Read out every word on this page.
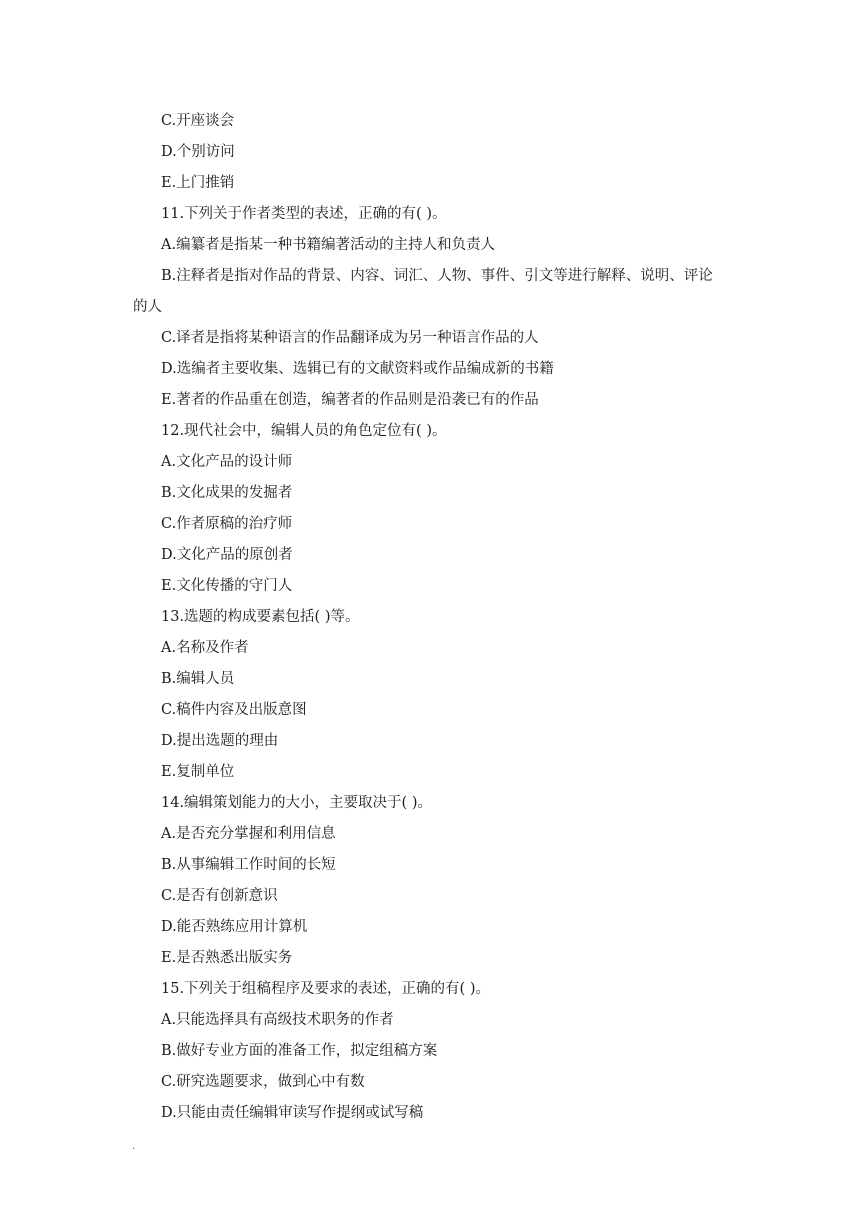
C.开座谈会
D.个别访问
E.上门推销
11.下列关于作者类型的表述，正确的有( )。
A.编纂者是指某一种书籍编著活动的主持人和负责人
B.注释者是指对作品的背景、内容、词汇、人物、事件、引文等进行解释、说明、评论
的人
C.译者是指将某种语言的作品翻译成为另一种语言作品的人
D.选编者主要收集、选辑已有的文献资料或作品编成新的书籍
E.著者的作品重在创造，编著者的作品则是沿袭已有的作品
12.现代社会中，编辑人员的角色定位有( )。
A.文化产品的设计师
B.文化成果的发掘者
C.作者原稿的治疗师
D.文化产品的原创者
E.文化传播的守门人
13.选题的构成要素包括( )等。
A.名称及作者
B.编辑人员
C.稿件内容及出版意图
D.提出选题的理由
E.复制单位
14.编辑策划能力的大小，主要取决于( )。
A.是否充分掌握和利用信息
B.从事编辑工作时间的长短
C.是否有创新意识
D.能否熟练应用计算机
E.是否熟悉出版实务
15.下列关于组稿程序及要求的表述，正确的有( )。
A.只能选择具有高级技术职务的作者
B.做好专业方面的准备工作，拟定组稿方案
C.研究选题要求，做到心中有数
D.只能由责任编辑审读写作提纲或试写稿
.
